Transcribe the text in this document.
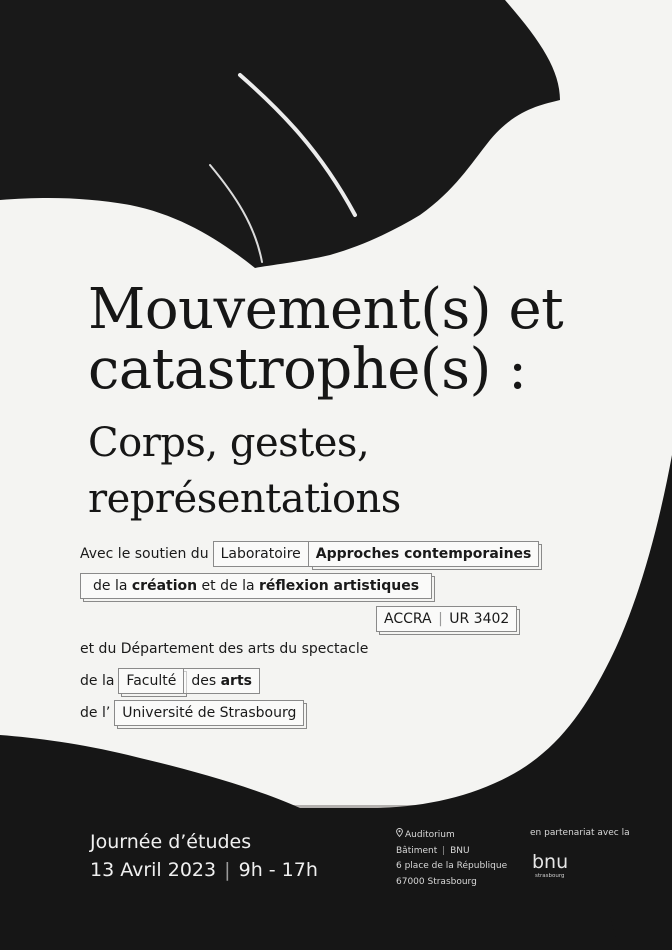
Mouvement(s) et
catastrophe(s) :
Corps, gestes,
représentations
Avec le soutien du Laboratoire	Approches contemporaines
de la création et de la réflexion artistiques
ACCRA | UR 3402
et du Département des arts du spectacle
de la Faculté	des arts
de l’ Université de Strasbourg
Journée d’études
13 Avril 2023 | 9h - 17h
Auditorium
Bâtiment | BNU
6 place de la République
67000 Strasbourg
en partenariat avec la
bnu
strasbourg
